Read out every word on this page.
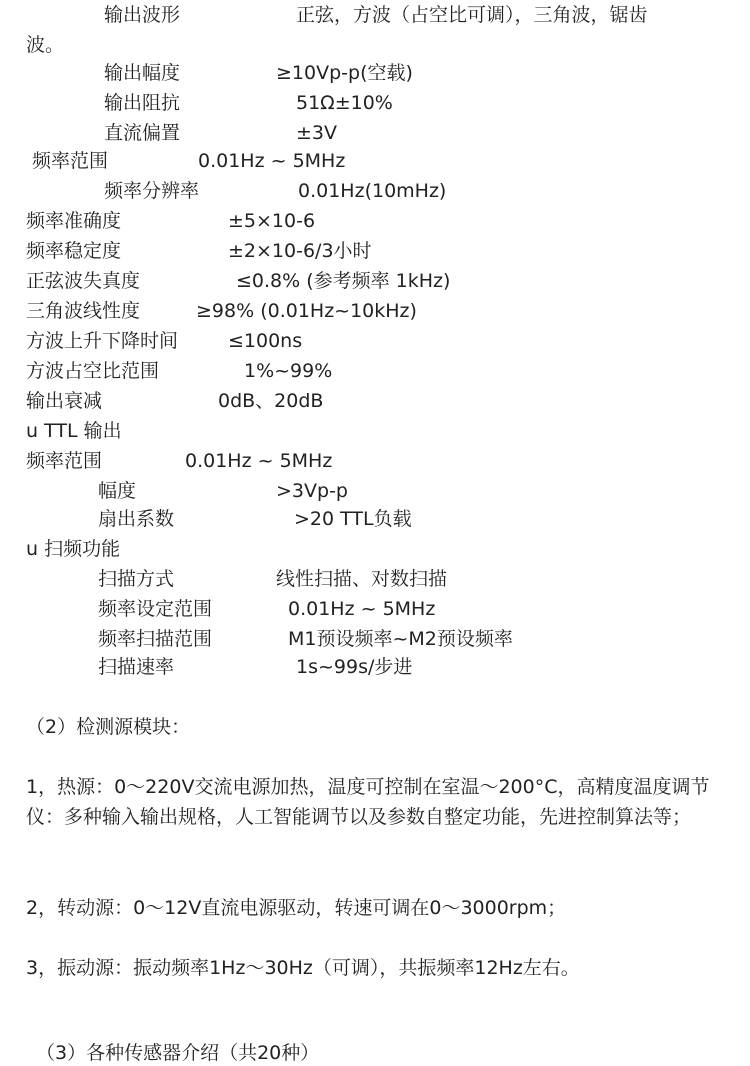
输出波形	正弦，方波（占空比可调），三角波，锯齿
波。
输出幅度	≥10Vp-p(空载)
输出阻抗	51Ω±10%
直流偏置	±3V
频率范围	0.01Hz ~ 5MHz
频率分辨率	0.01Hz(10mHz)
频率准确度	±5×10-6
频率稳定度	±2×10-6/3小时
正弦波失真度	≤0.8% (参考频率 1kHz)
三角波线性度	≥98% (0.01Hz~10kHz)
方波上升下降时间	≤100ns
方波占空比范围	1%~99%
输出衰减	0dB、20dB
u TTL 输出
频率范围	0.01Hz ~ 5MHz
幅度	>3Vp-p
扇出系数	>20 TTL负载
u 扫频功能
扫描方式	线性扫描、对数扫描
频率设定范围	0.01Hz ~ 5MHz
频率扫描范围	M1预设频率~M2预设频率
扫描速率	1s~99s/步进
（2）检测源模块：
1，热源：0～220V交流电源加热，温度可控制在室温～200°C，高精度温度调节仪：多种输入输出规格，人工智能调节以及参数自整定功能，先进控制算法等；
2，转动源：0～12V直流电源驱动，转速可调在0～3000rpm；
3，振动源：振动频率1Hz～30Hz（可调），共振频率12Hz左右。
（3）各种传感器介绍（共20种）
